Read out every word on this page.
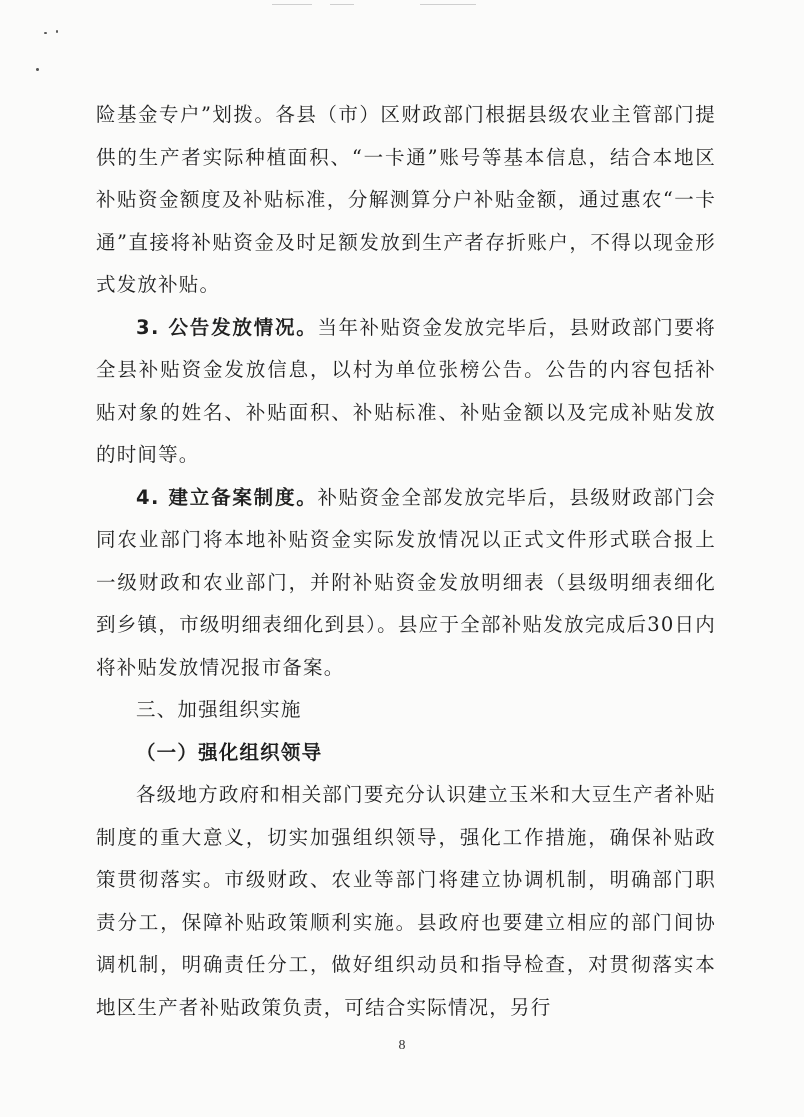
险基金专户”划拨。各县（市）区财政部门根据县级农业主管部门提供的生产者实际种植面积、“一卡通”账号等基本信息，结合本地区补贴资金额度及补贴标准，分解测算分户补贴金额，通过惠农“一卡通”直接将补贴资金及时足额发放到生产者存折账户，不得以现金形式发放补贴。

3. 公告发放情况。当年补贴资金发放完毕后，县财政部门要将全县补贴资金发放信息，以村为单位张榜公告。公告的内容包括补贴对象的姓名、补贴面积、补贴标准、补贴金额以及完成补贴发放的时间等。

4. 建立备案制度。补贴资金全部发放完毕后，县级财政部门会同农业部门将本地补贴资金实际发放情况以正式文件形式联合报上一级财政和农业部门，并附补贴资金发放明细表（县级明细表细化到乡镇，市级明细表细化到县）。县应于全部补贴发放完成后30日内将补贴发放情况报市备案。

三、加强组织实施

（一）强化组织领导

各级地方政府和相关部门要充分认识建立玉米和大豆生产者补贴制度的重大意义，切实加强组织领导，强化工作措施，确保补贴政策贯彻落实。市级财政、农业等部门将建立协调机制，明确部门职责分工，保障补贴政策顺利实施。县政府也要建立相应的部门间协调机制，明确责任分工，做好组织动员和指导检查，对贯彻落实本地区生产者补贴政策负责，可结合实际情况，另行

8
